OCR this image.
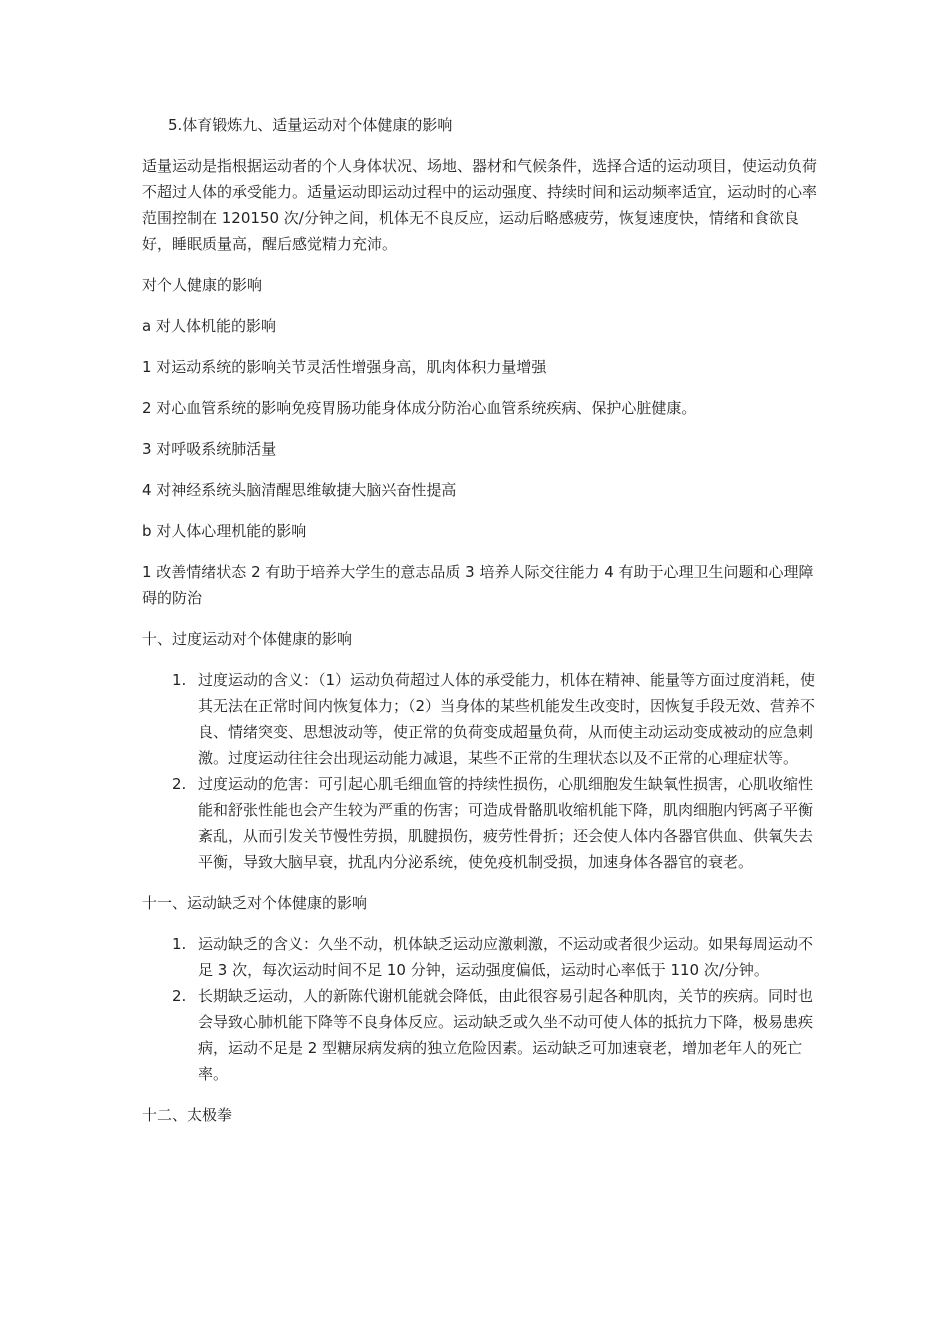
5.体育锻炼九、适量运动对个体健康的影响

适量运动是指根据运动者的个人身体状况、场地、器材和气候条件，选择合适的运动项目，使运动负荷不超过人体的承受能力。适量运动即运动过程中的运动强度、持续时间和运动频率适宜，运动时的心率范围控制在 120150 次/分钟之间，机体无不良反应，运动后略感疲劳，恢复速度快，情绪和食欲良好，睡眠质量高，醒后感觉精力充沛。

对个人健康的影响

a 对人体机能的影响

1 对运动系统的影响关节灵活性增强身高，肌肉体积力量增强

2 对心血管系统的影响免疫胃肠功能身体成分防治心血管系统疾病、保护心脏健康。

3 对呼吸系统肺活量

4 对神经系统头脑清醒思维敏捷大脑兴奋性提高

b 对人体心理机能的影响

1 改善情绪状态 2 有助于培养大学生的意志品质 3 培养人际交往能力 4 有助于心理卫生问题和心理障碍的防治

十、过度运动对个体健康的影响

1. 过度运动的含义：（1）运动负荷超过人体的承受能力，机体在精神、能量等方面过度消耗，使其无法在正常时间内恢复体力；（2）当身体的某些机能发生改变时，因恢复手段无效、营养不良、情绪突变、思想波动等，使正常的负荷变成超量负荷，从而使主动运动变成被动的应急刺激。过度运动往往会出现运动能力减退，某些不正常的生理状态以及不正常的心理症状等。
2. 过度运动的危害：可引起心肌毛细血管的持续性损伤，心肌细胞发生缺氧性损害，心肌收缩性能和舒张性能也会产生较为严重的伤害；可造成骨骼肌收缩机能下降，肌肉细胞内钙离子平衡紊乱，从而引发关节慢性劳损，肌腱损伤，疲劳性骨折；还会使人体内各器官供血、供氧失去平衡，导致大脑早衰，扰乱内分泌系统，使免疫机制受损，加速身体各器官的衰老。

十一、运动缺乏对个体健康的影响

1. 运动缺乏的含义：久坐不动，机体缺乏运动应激刺激，不运动或者很少运动。如果每周运动不足 3 次，每次运动时间不足 10 分钟，运动强度偏低，运动时心率低于 110 次/分钟。
2. 长期缺乏运动，人的新陈代谢机能就会降低，由此很容易引起各种肌肉，关节的疾病。同时也会导致心肺机能下降等不良身体反应。运动缺乏或久坐不动可使人体的抵抗力下降，极易患疾病，运动不足是 2 型糖尿病发病的独立危险因素。运动缺乏可加速衰老，增加老年人的死亡率。

十二、太极拳
